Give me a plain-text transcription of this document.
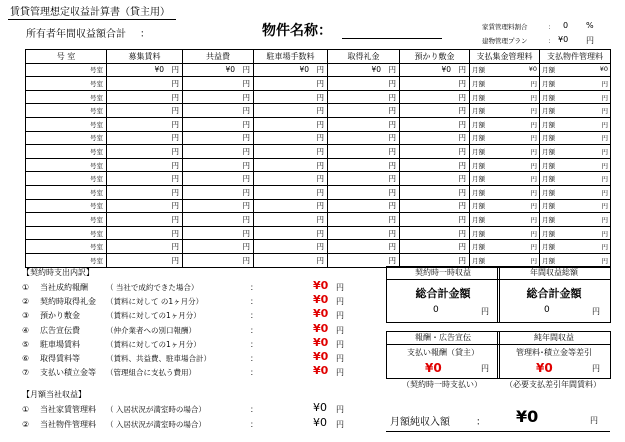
賃貸管理想定収益計算書（貸主用）
所有者年間収益額合計 ：	物件名称：	家賃管理料割合	： 0 %
建物管理プラン	： ¥0 円
号 室	募集賃料	共益費	駐車場手数料	取得礼金	預かり敷金	支払集金管理料	支払物件管理料
号室	¥0　円	¥0　円	¥0　円	¥0　円	¥0　円	月額 ¥0	月額 ¥0

号室	円	円	円	円	円	月額 円	月額 円

号室	円	円	円	円	円	月額 円	月額 円

号室	円	円	円	円	円	月額 円	月額 円

号室	円	円	円	円	円	月額 円	月額 円

号室	円	円	円	円	円	月額 円	月額 円

号室	円	円	円	円	円	月額 円	月額 円

号室	円	円	円	円	円	月額 円	月額 円

号室	円	円	円	円	円	月額 円	月額 円

号室	円	円	円	円	円	月額 円	月額 円

号室	円	円	円	円	円	月額 円	月額 円

号室	円	円	円	円	円	月額 円	月額 円

号室	円	円	円	円	円	月額 円	月額 円

号室	円	円	円	円	円	月額 円	月額 円

号室	円	円	円	円	円	月額 円	月額 円
【契約時支出内訳】
① 当社成約報酬 （ 当社で成約できた場合）	：	¥0 円
② 契約時取得礼金 （賃料に対して の1ヶ月分）	：	¥0 円
③ 預かり敷金	（賃料に対しての1ヶ月分）	：	¥0 円
④ 広告宣伝費	（仲介業者への別口報酬）	：	¥0 円
⑤ 駐車場賃料	（賃料に対しての1ヶ月分）	：	¥0 円
⑥ 取得賃料等	（賃料、共益費、駐車場合計）	：	¥0 円
⑦ 支払い積立金等 （管理組合に支払う費用）	：	¥0 円
【月額当社収益】
① 当社家賃管理料 （ 入居状況が満室時の場合）	：	¥0 円
② 当社物件管理料 （ 入居状況が満室時の場合）	：	¥0 円
契約時一時収益
総合計金額
0	円
年間収益総額
総合計金額
0	円
報酬・広告宣伝
支払い報酬（貸主）
¥0	円
純年間収益
管理料･積立金等差引
¥0	円
（契約時一時支払い）	（必要支払差引年間賃料）
月額純収入額	： ¥0	円
